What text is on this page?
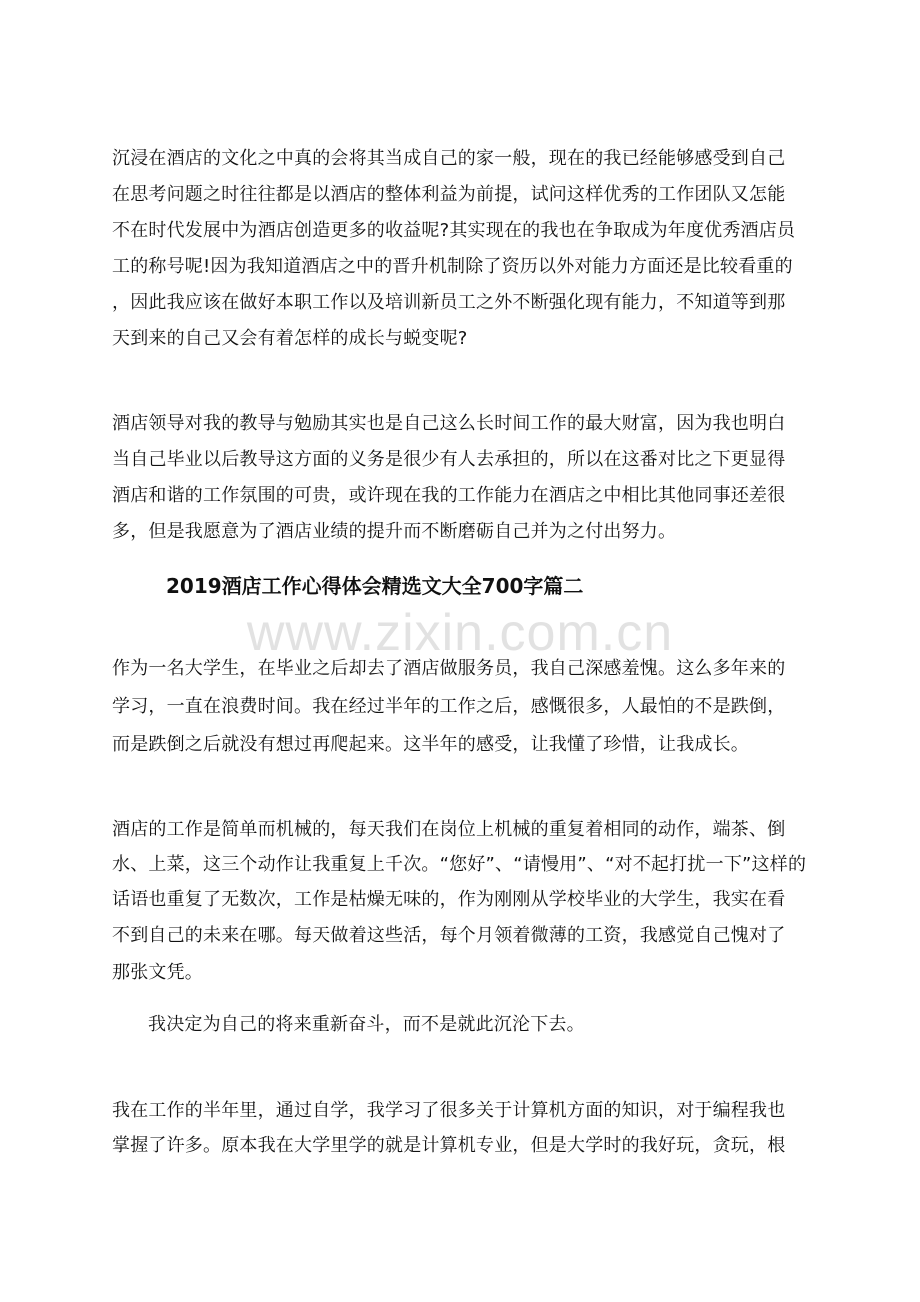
沉浸在酒店的文化之中真的会将其当成自己的家一般，现在的我已经能够感受到自己
在思考问题之时往往都是以酒店的整体利益为前提，试问这样优秀的工作团队又怎能
不在时代发展中为酒店创造更多的收益呢?其实现在的我也在争取成为年度优秀酒店员
工的称号呢!因为我知道酒店之中的晋升机制除了资历以外对能力方面还是比较看重的
，因此我应该在做好本职工作以及培训新员工之外不断强化现有能力，不知道等到那
天到来的自己又会有着怎样的成长与蜕变呢?
酒店领导对我的教导与勉励其实也是自己这么长时间工作的最大财富，因为我也明白
当自己毕业以后教导这方面的义务是很少有人去承担的，所以在这番对比之下更显得
酒店和谐的工作氛围的可贵，或许现在我的工作能力在酒店之中相比其他同事还差很
多，但是我愿意为了酒店业绩的提升而不断磨砺自己并为之付出努力。
2019酒店工作心得体会精选文大全700字篇二
www.zixin.com.cn
作为一名大学生，在毕业之后却去了酒店做服务员，我自己深感羞愧。这么多年来的
学习，一直在浪费时间。我在经过半年的工作之后，感慨很多，人最怕的不是跌倒，
而是跌倒之后就没有想过再爬起来。这半年的感受，让我懂了珍惜，让我成长。
酒店的工作是简单而机械的，每天我们在岗位上机械的重复着相同的动作，端茶、倒
水、上菜，这三个动作让我重复上千次。“您好”、“请慢用”、“对不起打扰一下”这样的
话语也重复了无数次，工作是枯燥无味的，作为刚刚从学校毕业的大学生，我实在看
不到自己的未来在哪。每天做着这些活，每个月领着微薄的工资，我感觉自己愧对了
那张文凭。
我决定为自己的将来重新奋斗，而不是就此沉沦下去。
我在工作的半年里，通过自学，我学习了很多关于计算机方面的知识，对于编程我也
掌握了许多。原本我在大学里学的就是计算机专业，但是大学时的我好玩，贪玩，根
